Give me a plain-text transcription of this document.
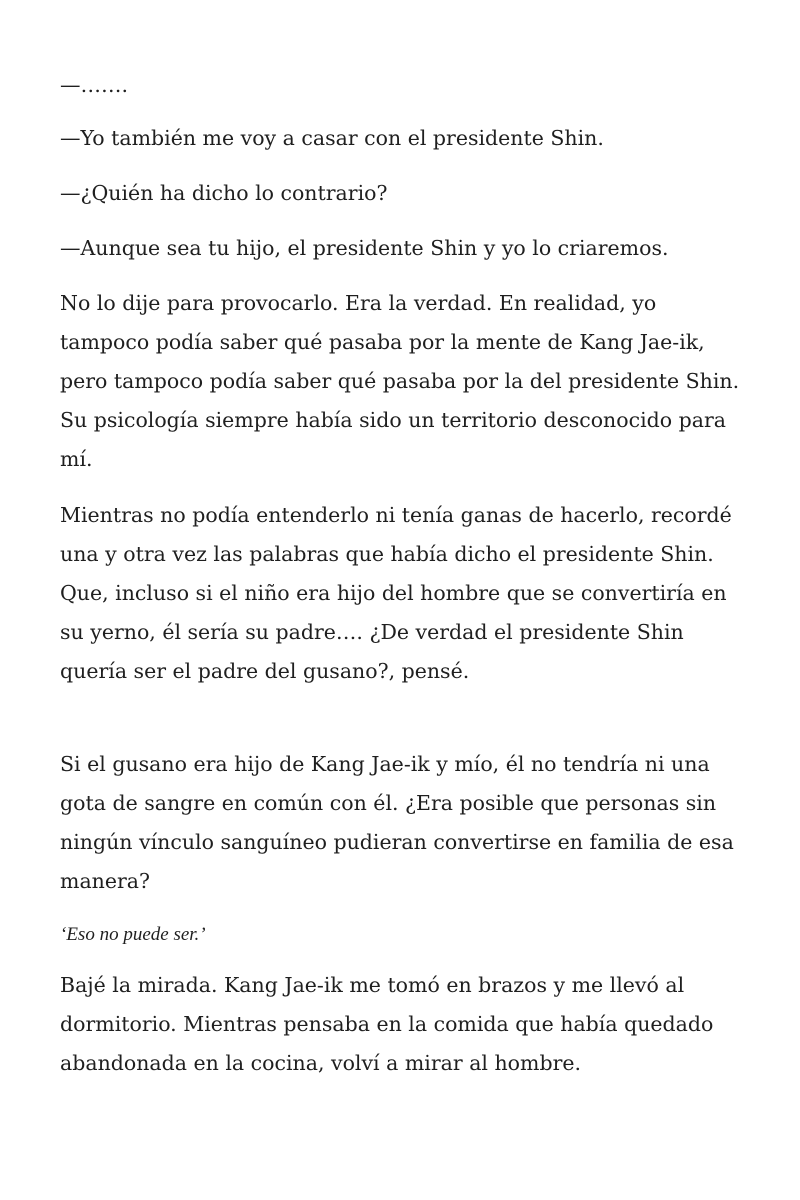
—…….

—Yo también me voy a casar con el presidente Shin.

—¿Quién ha dicho lo contrario?

—Aunque sea tu hijo, el presidente Shin y yo lo criaremos.

No lo dije para provocarlo. Era la verdad. En realidad, yo tampoco podía saber qué pasaba por la mente de Kang Jae-ik, pero tampoco podía saber qué pasaba por la del presidente Shin. Su psicología siempre había sido un territorio desconocido para mí.

Mientras no podía entenderlo ni tenía ganas de hacerlo, recordé una y otra vez las palabras que había dicho el presidente Shin. Que, incluso si el niño era hijo del hombre que se convertiría en su yerno, él sería su padre…. ¿De verdad el presidente Shin quería ser el padre del gusano?, pensé.

Si el gusano era hijo de Kang Jae-ik y mío, él no tendría ni una gota de sangre en común con él. ¿Era posible que personas sin ningún vínculo sanguíneo pudieran convertirse en familia de esa manera?

‘Eso no puede ser.’

Bajé la mirada. Kang Jae-ik me tomó en brazos y me llevó al dormitorio. Mientras pensaba en la comida que había quedado abandonada en la cocina, volví a mirar al hombre.
